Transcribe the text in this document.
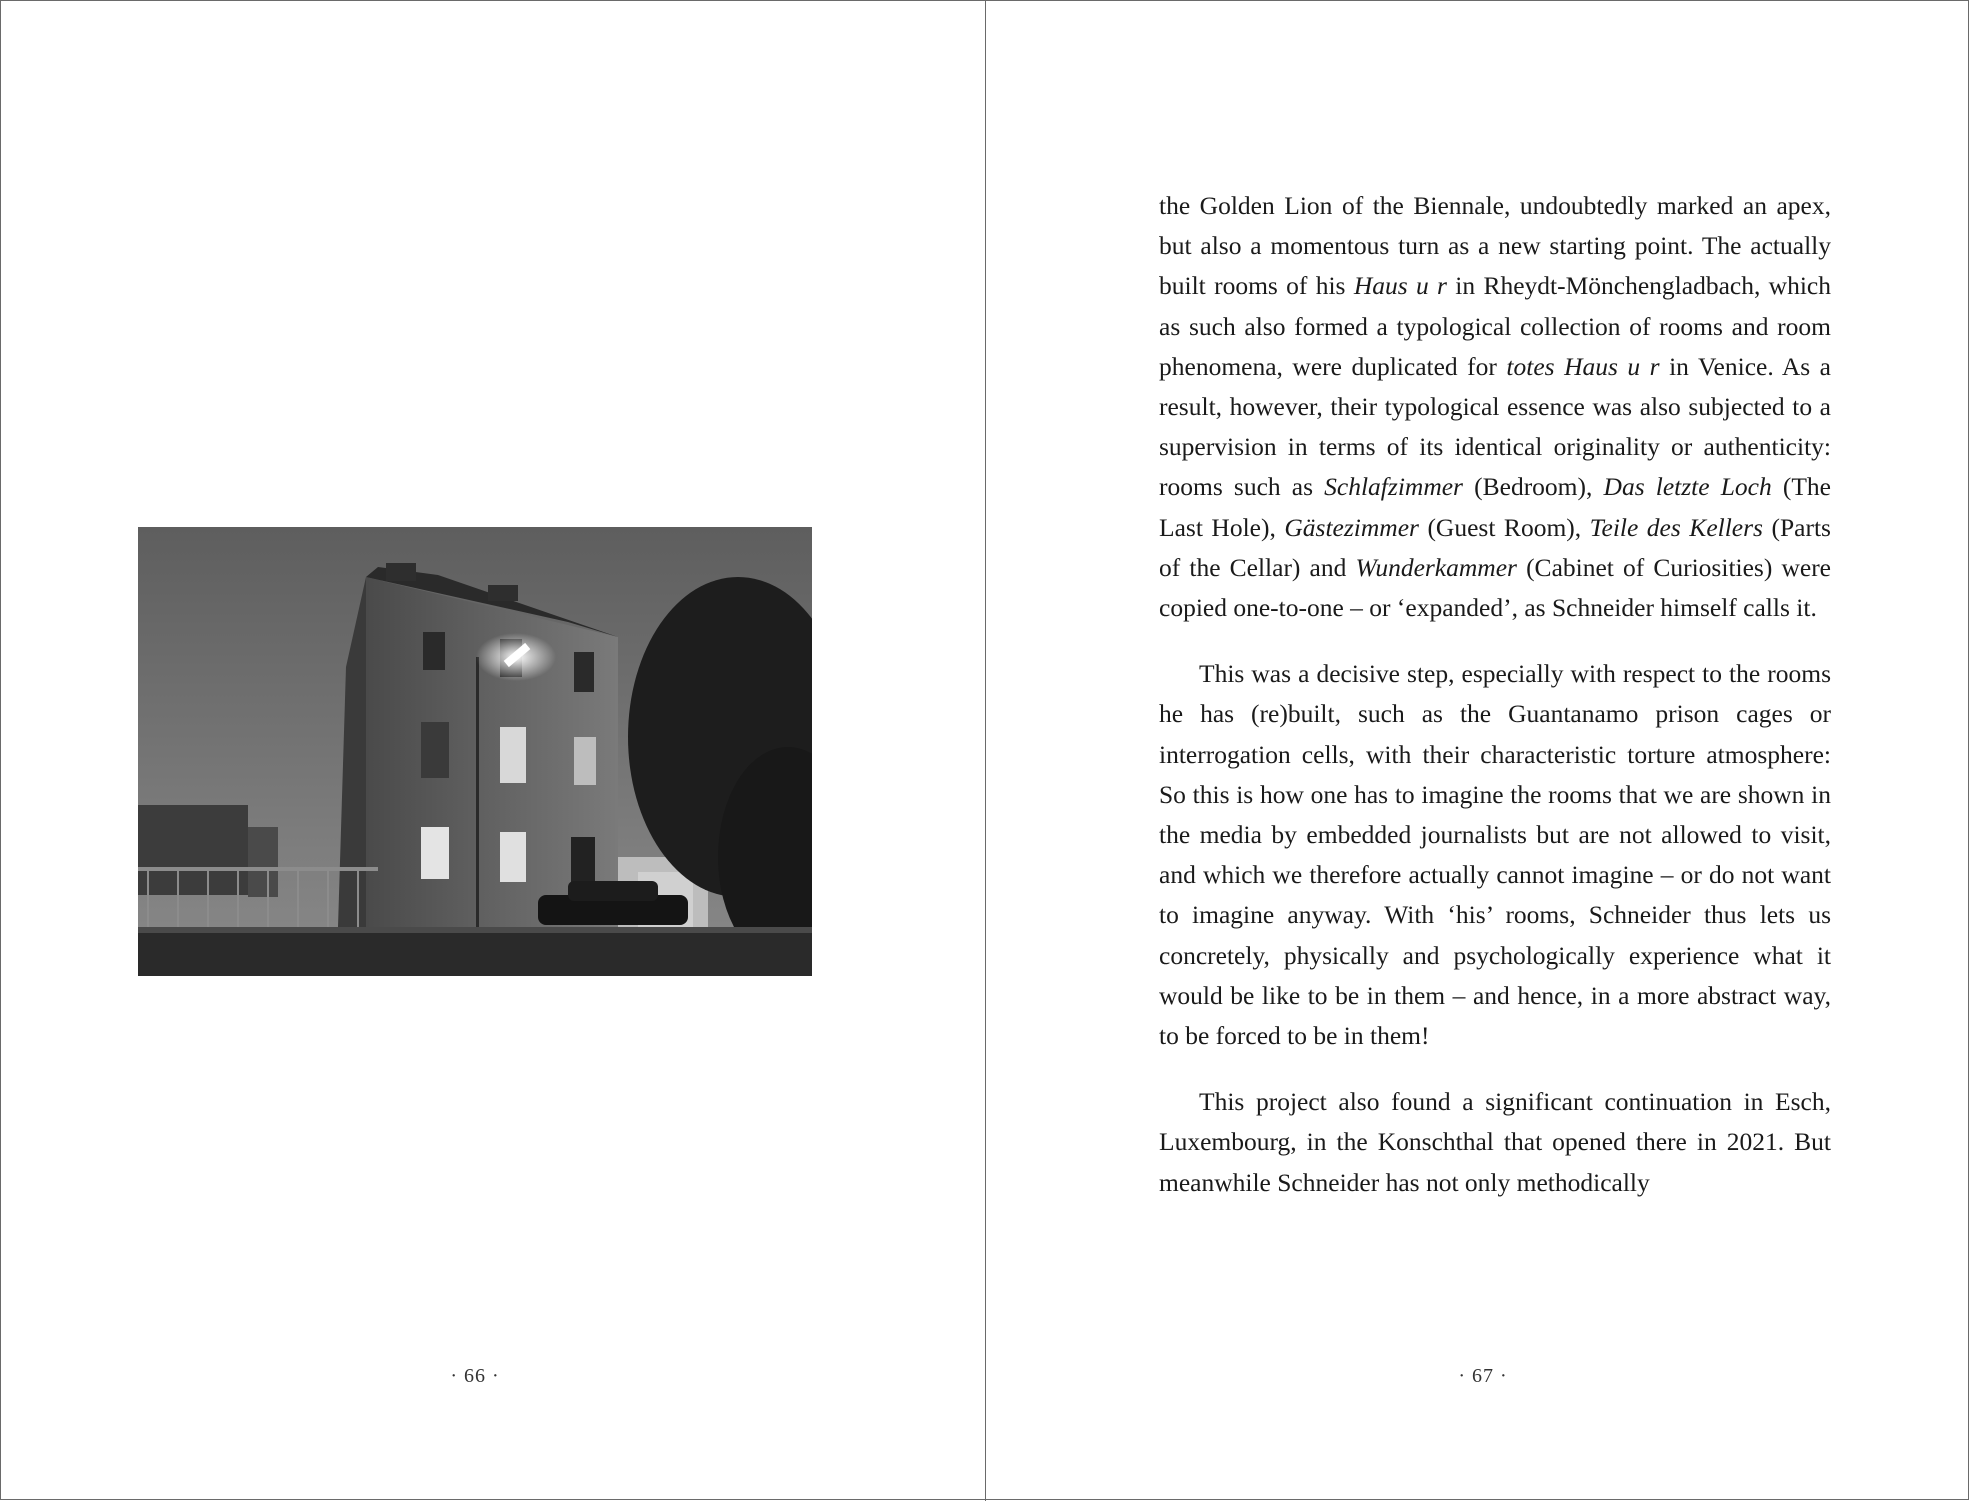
· 66 ·

the Golden Lion of the Biennale, undoubtedly marked an apex, but also a momentous turn as a new starting point. The actually built rooms of his Haus u r in Rheydt-Mönchengladbach, which as such also formed a typological collection of rooms and room phenomena, were duplicated for totes Haus u r in Venice. As a result, however, their typological essence was also subjected to a supervision in terms of its identical originality or authenticity: rooms such as Schlafzimmer (Bedroom), Das letzte Loch (The Last Hole), Gästezimmer (Guest Room), Teile des Kellers (Parts of the Cellar) and Wunderkammer (Cabinet of Curiosities) were copied one-to-one – or ‘expanded’, as Schneider himself calls it.

This was a decisive step, especially with respect to the rooms he has (re)built, such as the Guantanamo prison cages or interrogation cells, with their characteristic torture atmosphere: So this is how one has to imagine the rooms that we are shown in the media by embedded journalists but are not allowed to visit, and which we therefore actually cannot imagine – or do not want to imagine anyway. With ‘his’ rooms, Schneider thus lets us concretely, physically and psychologically experience what it would be like to be in them – and hence, in a more abstract way, to be forced to be in them!

This project also found a significant continuation in Esch, Luxembourg, in the Konschthal that opened there in 2021. But meanwhile Schneider has not only methodically

· 67 ·
